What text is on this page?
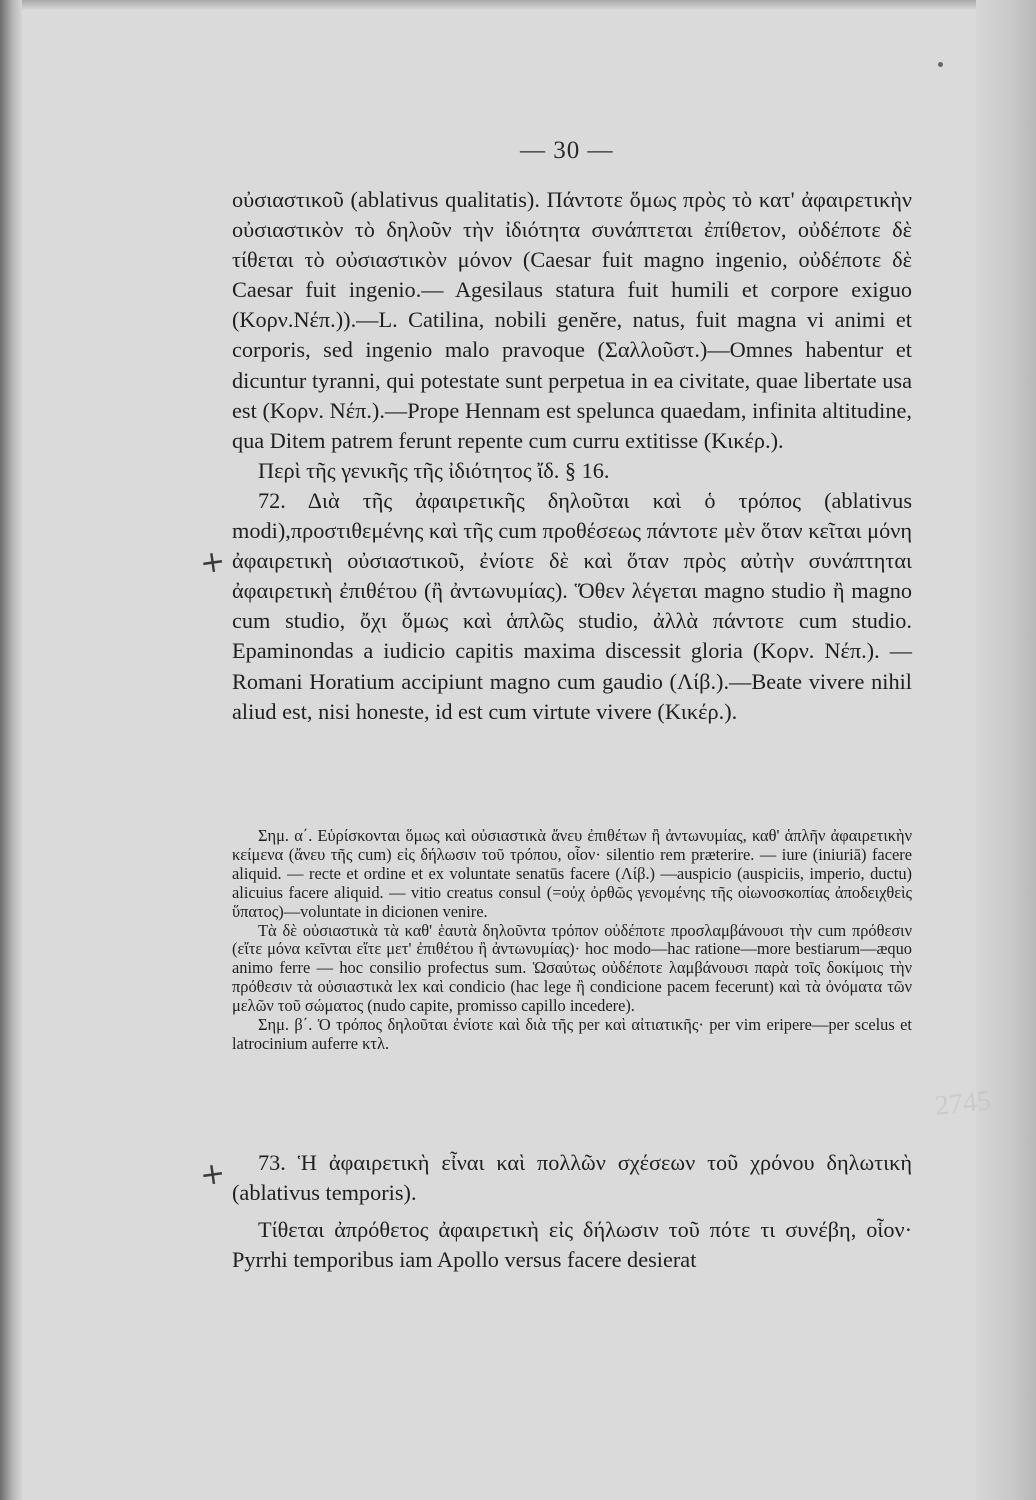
— 30 —

οὐσιαστικοῦ (ablativus qualitatis). Πάντοτε ὅμως πρὸς τὸ κατ' ἀφαιρετικὴν οὐσιαστικὸν τὸ δηλοῦν τὴν ἰδιότητα συνάπτεται ἐπίθετον, οὐδέποτε δὲ τίθεται τὸ οὐσιαστικὸν μόνον (Caesar fuit magno ingenio, οὐδέποτε δὲ Caesar fuit ingenio.— Agesilaus statura fuit humili et corpore exiguo (Κορν.Νέπ.)).—L. Catilina, nobili genĕre, natus, fuit magna vi animi et corporis, sed ingenio malo pravoque (Σαλλοῦστ.)—Omnes habentur et dicuntur tyranni, qui potestate sunt perpetua in ea civitate, quae libertate usa est (Κορν. Νέπ.).—Prope Hennam est spelunca quaedam, infinita altitudine, qua Ditem patrem ferunt repente cum curru extitisse (Κικέρ.).

Περὶ τῆς γενικῆς τῆς ἰδιότητος ἴδ. § 16.

72. Διὰ τῆς ἀφαιρετικῆς δηλοῦται καὶ ὁ τρόπος (ablativus modi),προστιθεμένης καὶ τῆς cum προθέσεως πάντοτε μὲν ὅταν κεῖται μόνη ἀφαιρετικὴ οὐσιαστικοῦ, ἐνίοτε δὲ καὶ ὅταν πρὸς αὐτὴν συνάπτηται ἀφαιρετικὴ ἐπιθέτου (ἢ ἀντωνυμίας). Ὅθεν λέγεται magno studio ἢ magno cum studio, ὄχι ὅμως καὶ ἁπλῶς studio, ἀλλὰ πάντοτε cum studio. Epaminondas a iudicio capitis maxima discessit gloria (Κορν. Νέπ.). — Romani Horatium accipiunt magno cum gaudio (Λίβ.).—Beate vivere nihil aliud est, nisi honeste, id est cum virtute vivere (Κικέρ.).

+

Σημ. α΄. Εὑρίσκονται ὅμως καὶ οὐσιαστικὰ ἄνευ ἐπιθέτων ἢ ἀντωνυμίας, καθ' ἁπλῆν ἀφαιρετικὴν κείμενα (ἄνευ τῆς cum) εἰς δήλωσιν τοῦ τρόπου, οἷον· silentio rem præterire. — iure (iniuriā) facere aliquid. — recte et ordine et ex voluntate senatūs facere (Λίβ.) —auspicio (auspiciis, imperio, ductu) alicuius facere aliquid. — vitio creatus consul (=οὐχ ὀρθῶς γενομένης τῆς οἰωνοσκοπίας ἀποδειχθεὶς ὕπατος)—voluntate in dicionen venire.

Τὰ δὲ οὐσιαστικὰ τὰ καθ' ἑαυτὰ δηλοῦντα τρόπον οὐδέποτε προσλαμβάνουσι τὴν cum πρόθεσιν (εἴτε μόνα κεῖνται εἴτε μετ' ἐπιθέτου ἢ ἀντωνυμίας)· hoc modo—hac ratione—more bestiarum—æquo animo ferre — hoc consilio profectus sum. Ὡσαύτως οὐδέποτε λαμβάνουσι παρὰ τοῖς δοκίμοις τὴν πρόθεσιν τὰ οὐσιαστικὰ lex καὶ condicio (hac lege ἢ condicione pacem fecerunt) καὶ τὰ ὀνόματα τῶν μελῶν τοῦ σώματος (nudo capite, promisso capillo incedere).

Σημ. β΄. Ὁ τρόπος δηλοῦται ἐνίοτε καὶ διὰ τῆς per καὶ αἰτιατικῆς· per vim eripere—per scelus et latrocinium auferre κτλ.

+
2745

73. Ἡ ἀφαιρετικὴ εἶναι καὶ πολλῶν σχέσεων τοῦ χρόνου δηλωτικὴ (ablativus temporis).

Τίθεται ἀπρόθετος ἀφαιρετικὴ εἰς δήλωσιν τοῦ πότε τι συνέβη, οἷον· Pyrrhi temporibus iam Apollo versus facere desierat
